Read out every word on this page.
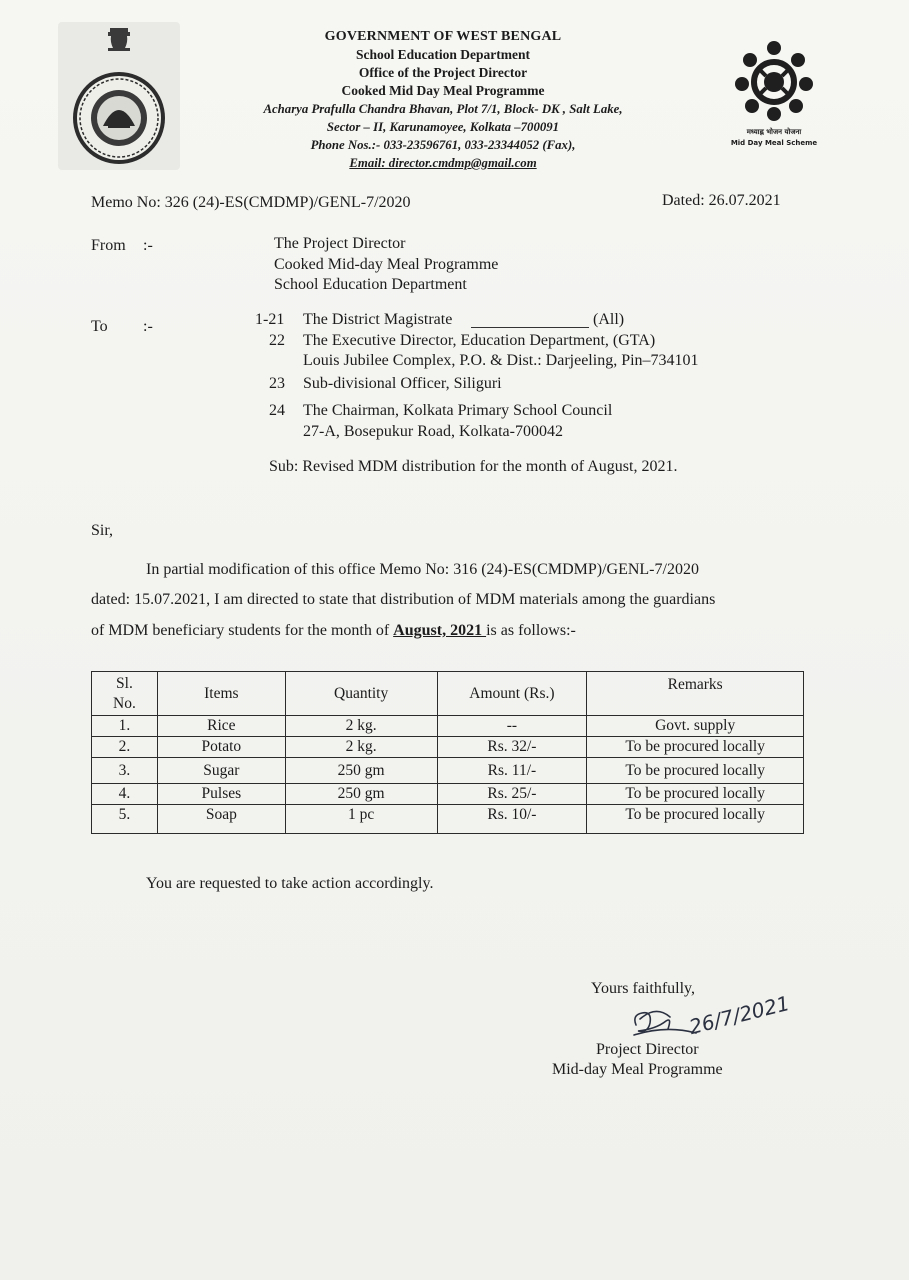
GOVERNMENT OF WEST BENGAL
School Education Department
Office of the Project Director
Cooked Mid Day Meal Programme
Acharya Prafulla Chandra Bhavan, Plot 7/1, Block- DK , Salt Lake,
Sector – II, Karunamoyee, Kolkata –700091
Phone Nos.:- 033-23596761, 033-23344052 (Fax),
Email: director.cmdmp@gmail.com
मध्याह्न भोजन योजना
Mid Day Meal Scheme
Memo No: 326 (24)-ES(CMDMP)/GENL-7/2020	Dated: 26.07.2021
From :-	The Project Director
Cooked Mid-day Meal Programme
School Education Department
To :-	1-21 The District Magistrate	(All)
22 The Executive Director, Education Department, (GTA)
Louis Jubilee Complex, P.O. & Dist.: Darjeeling, Pin–734101
23 Sub-divisional Officer, Siliguri
24 The Chairman, Kolkata Primary School Council
27-A, Bosepukur Road, Kolkata-700042
Sub: Revised MDM distribution for the month of August, 2021.
Sir,
In partial modification of this office Memo No: 316 (24)-ES(CMDMP)/GENL-7/2020
dated: 15.07.2021, I am directed to state that distribution of MDM materials among the guardians
of MDM beneficiary students for the month of August, 2021 is as follows:-
Sl.
No.	Items	Quantity	Amount (Rs.)	Remarks
1.	Rice	2 kg.	--	Govt. supply
2.	Potato	2 kg.	Rs. 32/-	To be procured locally
3.	Sugar	250 gm	Rs. 11/-	To be procured locally
4.	Pulses	250 gm	Rs. 25/-	To be procured locally
5.	Soap	1 pc	Rs. 10/-	To be procured locally
You are requested to take action accordingly.
Yours faithfully,
26/7/2021
Project Director
Mid-day Meal Programme
